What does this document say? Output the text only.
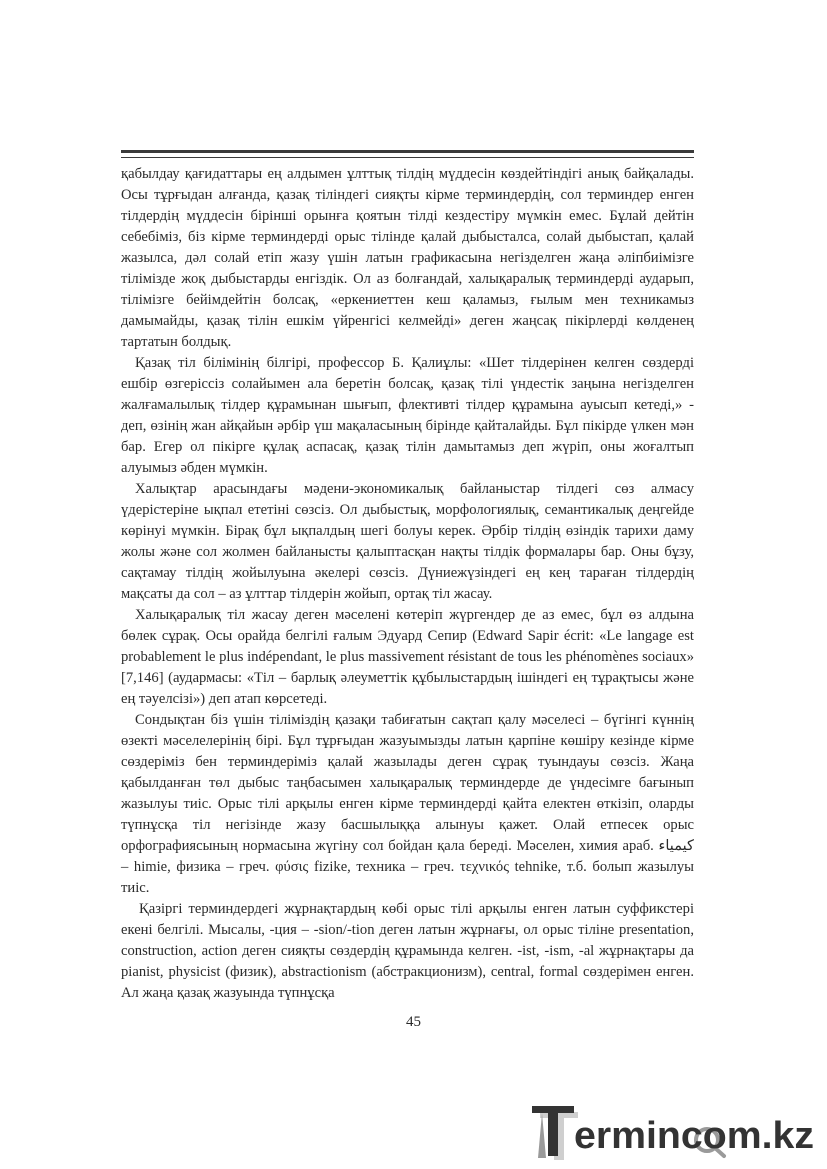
қабылдау қағидаттары ең алдымен ұлттық тілдің мүддесін көздейтіндігі анық байқалады. Осы тұрғыдан алғанда, қазақ тіліндегі сияқты кірме терминдердің, сол терминдер енген тілдердің мүддесін бірінші орынға қоятын тілді кездестіру мүмкін емес. Бұлай дейтін себебіміз, біз кірме терминдерді орыс тілінде қалай дыбысталса, солай дыбыстап, қалай жазылса, дәл солай етіп жазу үшін латын графикасына негізделген жаңа әліпбиімізге тілімізде жоқ дыбыстарды енгіздік. Ол аз болғандай, халықаралық терминдерді аударып, тілімізге бейімдейтін болсақ, «еркениеттен кеш қаламыз, ғылым мен техникамыз дамымайды, қазақ тілін ешкім үйренгісі келмейді» деген жаңсақ пікірлерді көлденең тартатын болдық.

Қазақ тіл білімінің білгірі, профессор Б. Қалиұлы: «Шет тілдерінен келген сөздерді ешбір өзгеріссіз солайымен ала беретін болсақ, қазақ тілі үндестік заңына негізделген жалғамалылық тілдер құрамынан шығып, флективті тілдер құрамына ауысып кетеді,» - деп, өзінің жан айқайын әрбір үш мақаласының бірінде қайталайды. Бұл пікірде үлкен мән бар. Егер ол пікірге құлақ аспасақ, қазақ тілін дамытамыз деп жүріп, оны жоғалтып алуымыз әбден мүмкін.

Халықтар арасындағы мәдени-экономикалық байланыстар тілдегі сөз алмасу үдерістеріне ықпал ететіні сөзсіз. Ол дыбыстық, морфологиялық, семантикалық деңгейде көрінуі мүмкін. Бірақ бұл ықпалдың шегі болуы керек. Әрбір тілдің өзіндік тарихи даму жолы және сол жолмен байланысты қалыптасқан нақты тілдік формалары бар. Оны бұзу, сақтамау тілдің жойылуына әкелері сөзсіз. Дүниежүзіндегі ең кең тараған тілдердің мақсаты да сол – аз ұлттар тілдерін жойып, ортақ тіл жасау.

Халықаралық тіл жасау деген мәселені көтеріп жүргендер де аз емес, бұл өз алдына бөлек сұрақ. Осы орайда белгілі ғалым Эдуард Сепир (Edward Sapir écrit: «Le langage est probablement le plus indépendant, le plus massivement résistant de tous les phénomènes sociaux» [7,146] (аудармасы: «Тіл – барлық әлеуметтік құбылыстардың ішіндегі ең тұрақтысы және ең тәуелсізі») деп атап көрсетеді.

Сондықтан біз үшін тіліміздің қазақи табиғатын сақтап қалу мәселесі – бүгінгі күннің өзекті мәселелерінің бірі. Бұл тұрғыдан жазуымызды латын қарпіне көшіру кезінде кірме сөздеріміз бен терминдеріміз қалай жазылады деген сұрақ туындауы сөзсіз. Жаңа қабылданған төл дыбыс таңбасымен халықаралық терминдерде де үндесімге бағынып жазылуы тиіс. Орыс тілі арқылы енген кірме терминдерді қайта електен өткізіп, оларды түпнұсқа тіл негізінде жазу басшылыққа алынуы қажет. Олай етпесек орыс орфографиясының нормасына жүгіну сол бойдан қала береді. Мәселен, химия араб. کیمیاء – himie, физика – греч. φύσις fizike, техника – греч. τεχνικός tehnike, т.б. болып жазылуы тиіс.

Қазіргі терминдердегі жұрнақтардың көбі орыс тілі арқылы енген латын суффикстері екені белгілі. Мысалы, -ция – -sion/-tion деген латын жұрнағы, ол орыс тіліне presentation, construction, action деген сияқты сөздердің құрамында келген. -ist, -ism, -al жұрнақтары да pianist, physicist (физик), abstractionism (абстракционизм), central, formal сөздерімен енген. Ал жаңа қазақ жазуында түпнұсқа

45
ermincom.kz
